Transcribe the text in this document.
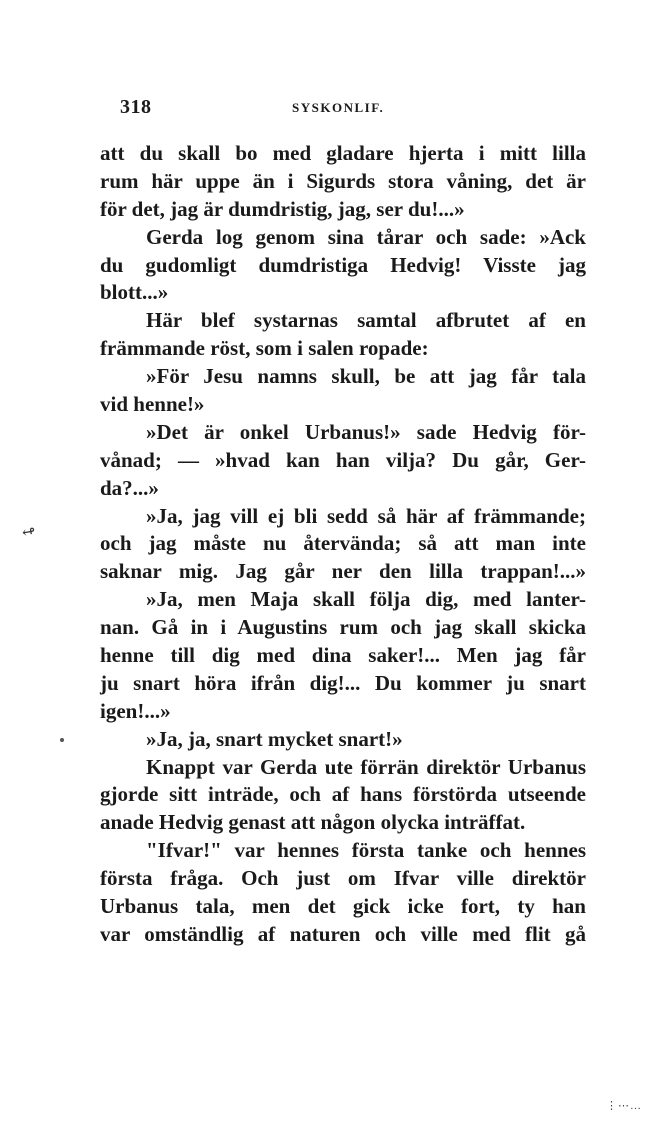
318	SYSKONLIF.
att du skall bo med gladare hjerta i mitt lilla
rum här uppe än i Sigurds stora våning, det är
för det, jag är dumdristig, jag, ser du!...»
Gerda log genom sina tårar och sade: »Ack
du gudomligt dumdristiga Hedvig! Visste jag
blott...»
Här blef systarnas samtal afbrutet af en
främmande röst, som i salen ropade:
»För Jesu namns skull, be att jag får tala
vid henne!»
»Det är onkel Urbanus!» sade Hedvig för-
vånad; — »hvad kan han vilja? Du går, Ger-
da?...»
»Ja, jag vill ej bli sedd så här af främmande;
och jag måste nu återvända; så att man inte
saknar mig. Jag går ner den lilla trappan!...»
»Ja, men Maja skall följa dig, med lanter-
nan. Gå in i Augustins rum och jag skall skicka
henne till dig med dina saker!... Men jag får
ju snart höra ifrån dig!... Du kommer ju snart
igen!...»
»Ja, ja, snart mycket snart!»
Knappt var Gerda ute förrän direktör Urbanus
gjorde sitt inträde, och af hans förstörda utseende
anade Hedvig genast att någon olycka inträffat.
"Ifvar!" var hennes första tanke och hennes
första fråga. Och just om Ifvar ville direktör
Urbanus tala, men det gick icke fort, ty han
var omständlig af naturen och ville med flit gå
↫
⋮⋯…
